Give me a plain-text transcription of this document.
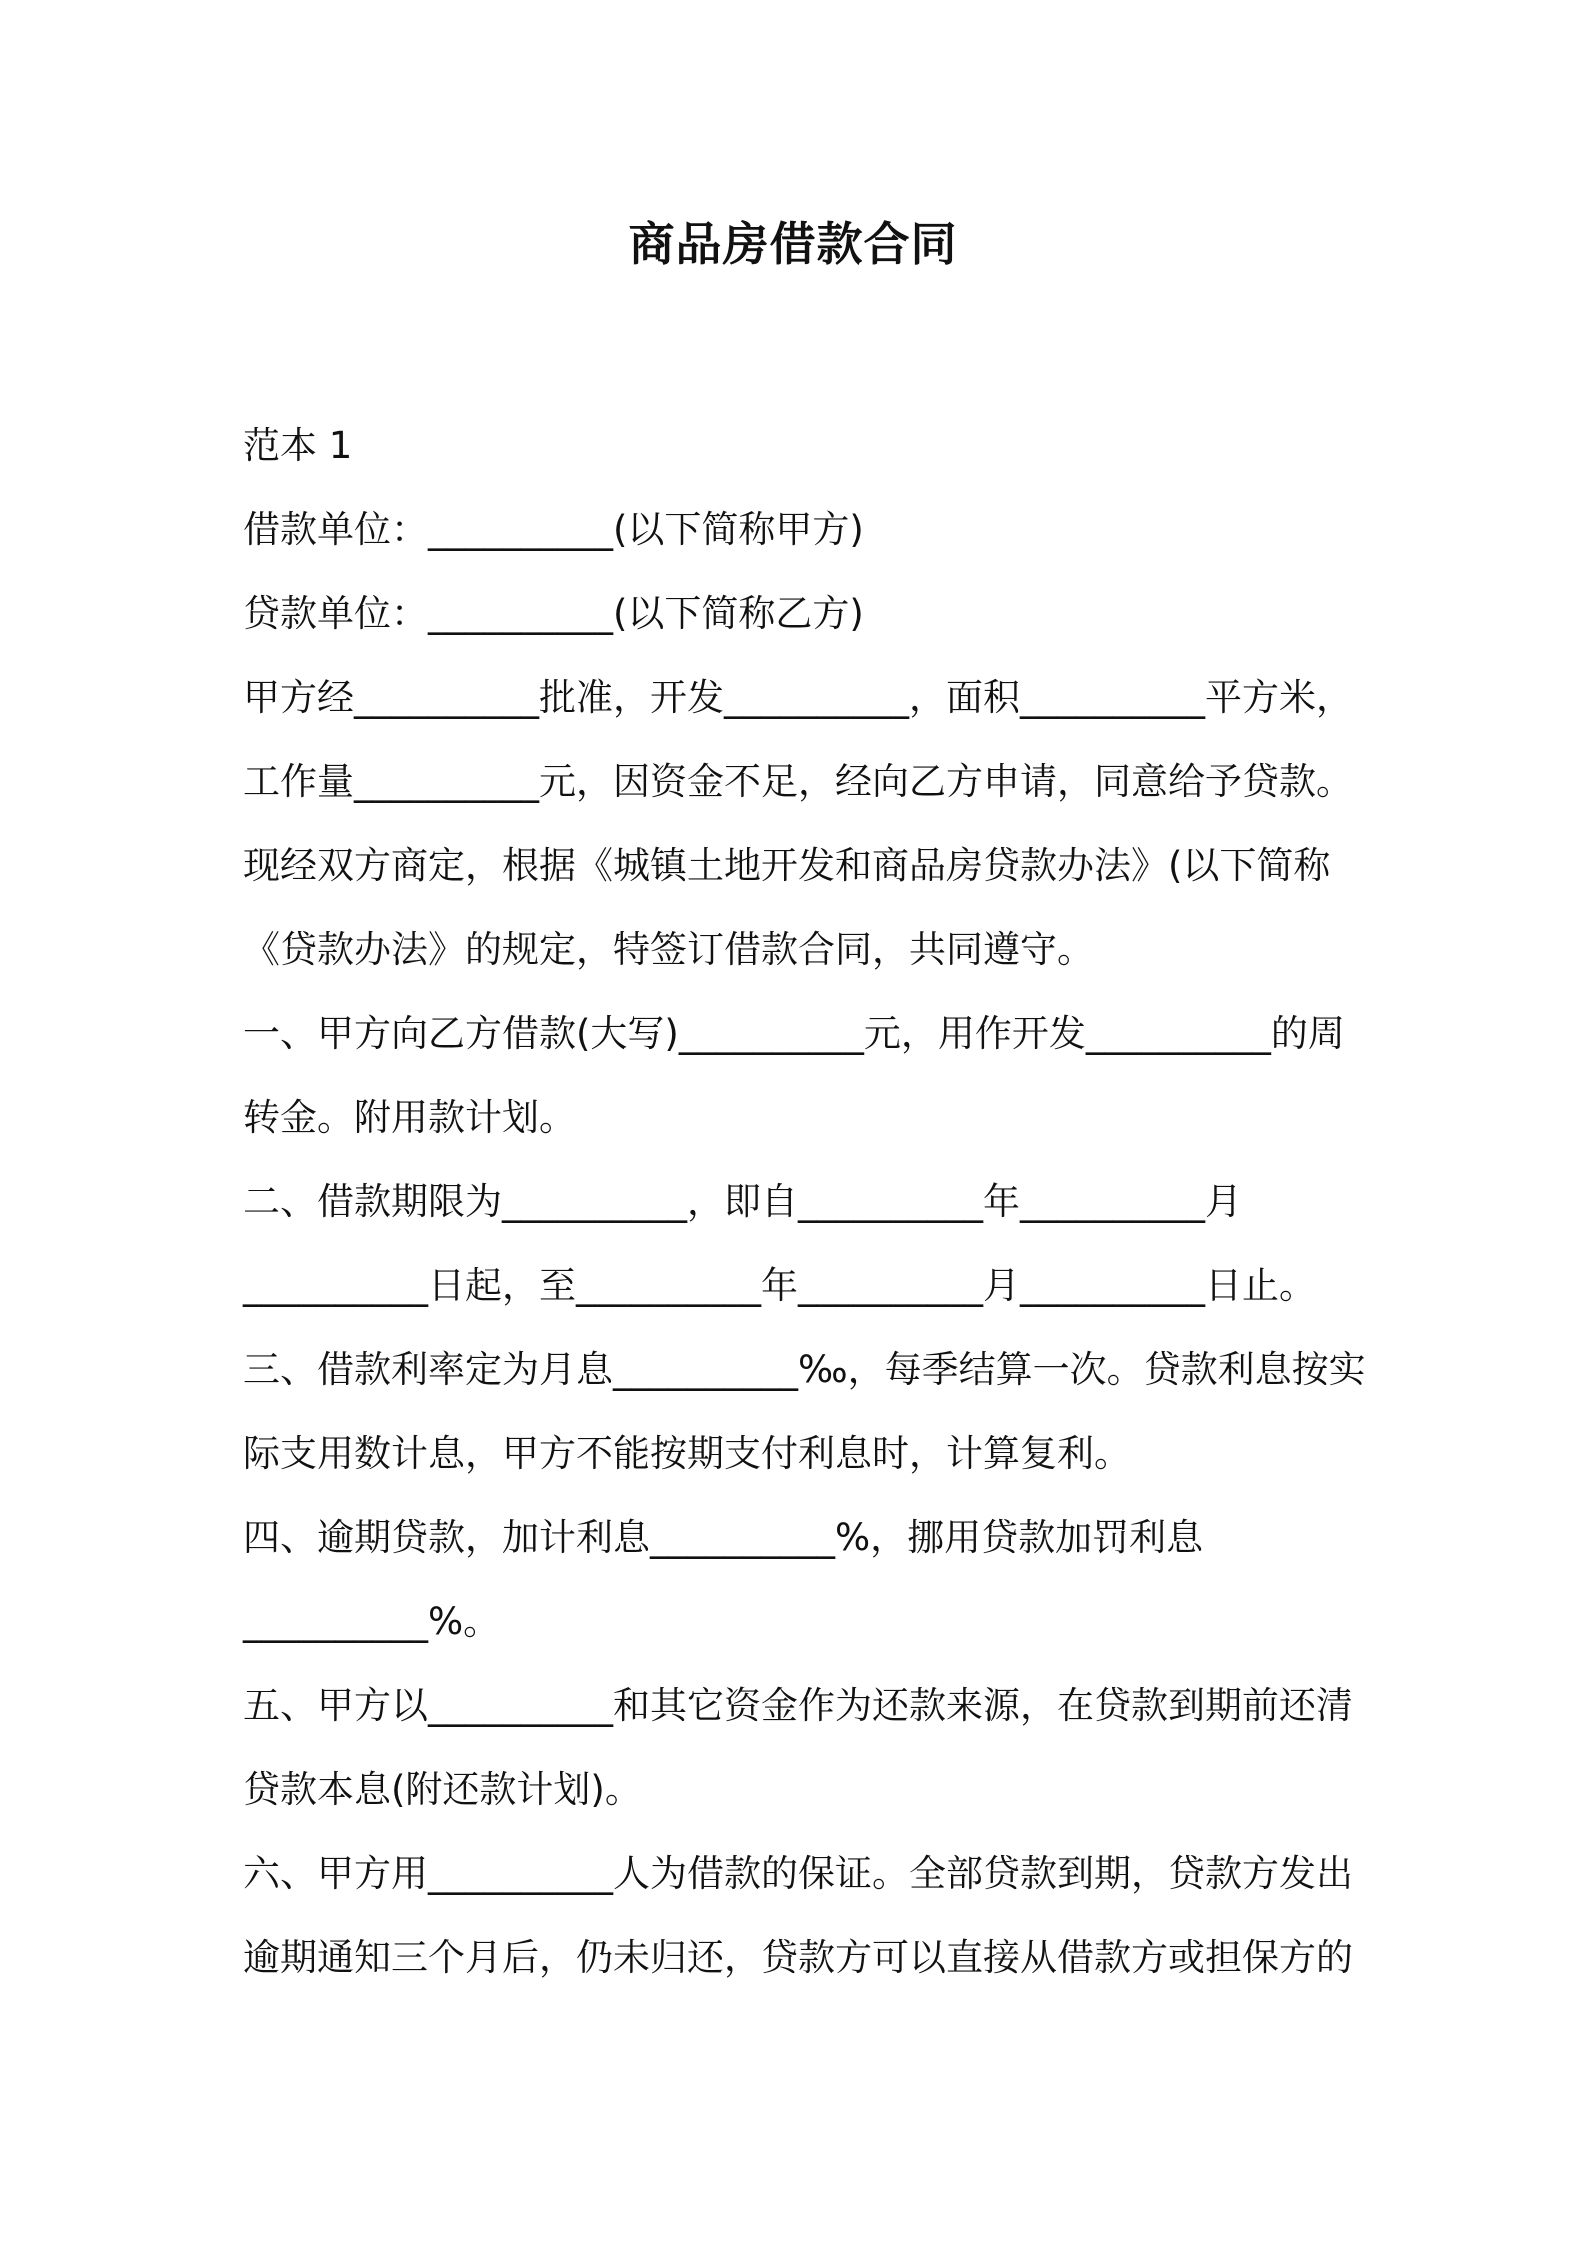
商品房借款合同
范本 1
借款单位：__________(以下简称甲方)
贷款单位：__________(以下简称乙方)
甲方经__________批准，开发__________，面积__________平方米，
工作量__________元，因资金不足，经向乙方申请，同意给予贷款。
现经双方商定，根据《城镇土地开发和商品房贷款办法》(以下简称
《贷款办法》的规定，特签订借款合同，共同遵守。
一、甲方向乙方借款(大写)__________元，用作开发__________的周
转金。附用款计划。
二、借款期限为__________，即自__________年__________月
__________日起，至__________年__________月__________日止。
三、借款利率定为月息__________‰，每季结算一次。贷款利息按实
际支用数计息，甲方不能按期支付利息时，计算复利。
四、逾期贷款，加计利息__________%，挪用贷款加罚利息
__________%。
五、甲方以__________和其它资金作为还款来源，在贷款到期前还清
贷款本息(附还款计划)。
六、甲方用__________人为借款的保证。全部贷款到期，贷款方发出
逾期通知三个月后，仍未归还，贷款方可以直接从借款方或担保方的
